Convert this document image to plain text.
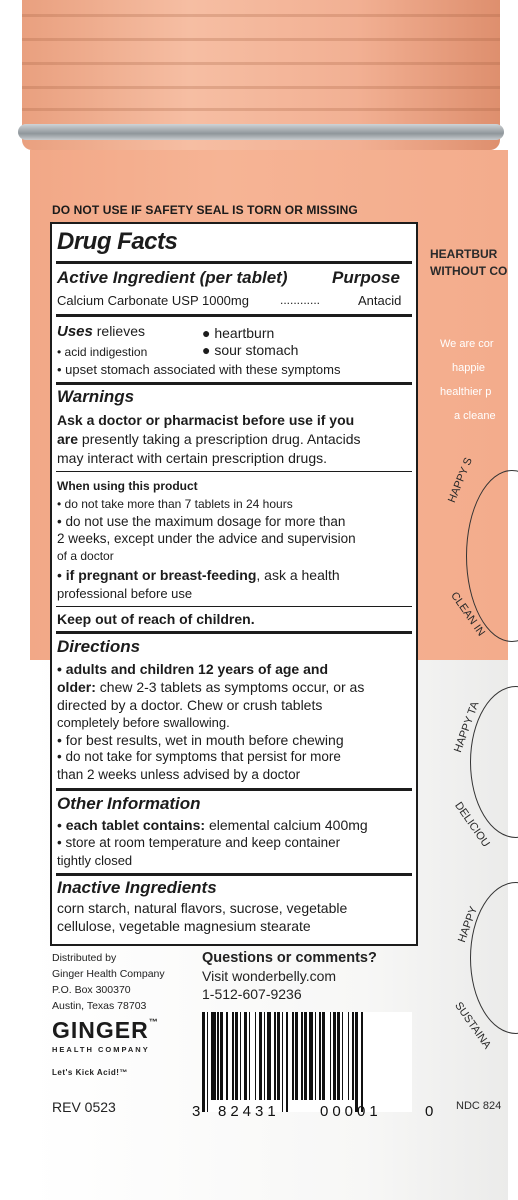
HEARTBUR
WITHOUT CO
We are cor
happie
healthier p
a cleane
HAPPY S
CLEAN IN
HAPPY TA
DELICIOU
HAPPY
SUSTAINA
NDC 824
DO NOT USE IF SAFETY SEAL IS TORN OR MISSING
Drug Facts
Active Ingredient (per tablet)	Purpose
Calcium Carbonate USP 1000mg	............	Antacid
Uses relieves	● heartburn
• acid indigestion	● sour stomach
• upset stomach associated with these symptoms
Warnings
Ask a doctor or pharmacist before use if you
are presently taking a prescription drug. Antacids
may interact with certain prescription drugs.
When using this product
• do not take more than 7 tablets in 24 hours
• do not use the maximum dosage for more than
2 weeks, except under the advice and supervision
of a doctor
• if pregnant or breast-feeding, ask a health
professional before use
Keep out of reach of children.
Directions
• adults and children 12 years of age and
older: chew 2-3 tablets as symptoms occur, or as
directed by a doctor. Chew or crush tablets
completely before swallowing.
• for best results, wet in mouth before chewing
• do not take for symptoms that persist for more
than 2 weeks unless advised by a doctor
Other Information
• each tablet contains: elemental calcium 400mg
• store at room temperature and keep container
tightly closed
Inactive Ingredients
corn starch, natural flavors, sucrose, vegetable
cellulose, vegetable magnesium stearate
Distributed by
Ginger Health Company
P.O. Box 300370
Austin, Texas 78703
GINGER™
HEALTH COMPANY
Let's Kick Acid!™
REV 0523
Questions or comments?
Visit wonderbelly.com
1-512-607-9236
3 82431	00001	0
